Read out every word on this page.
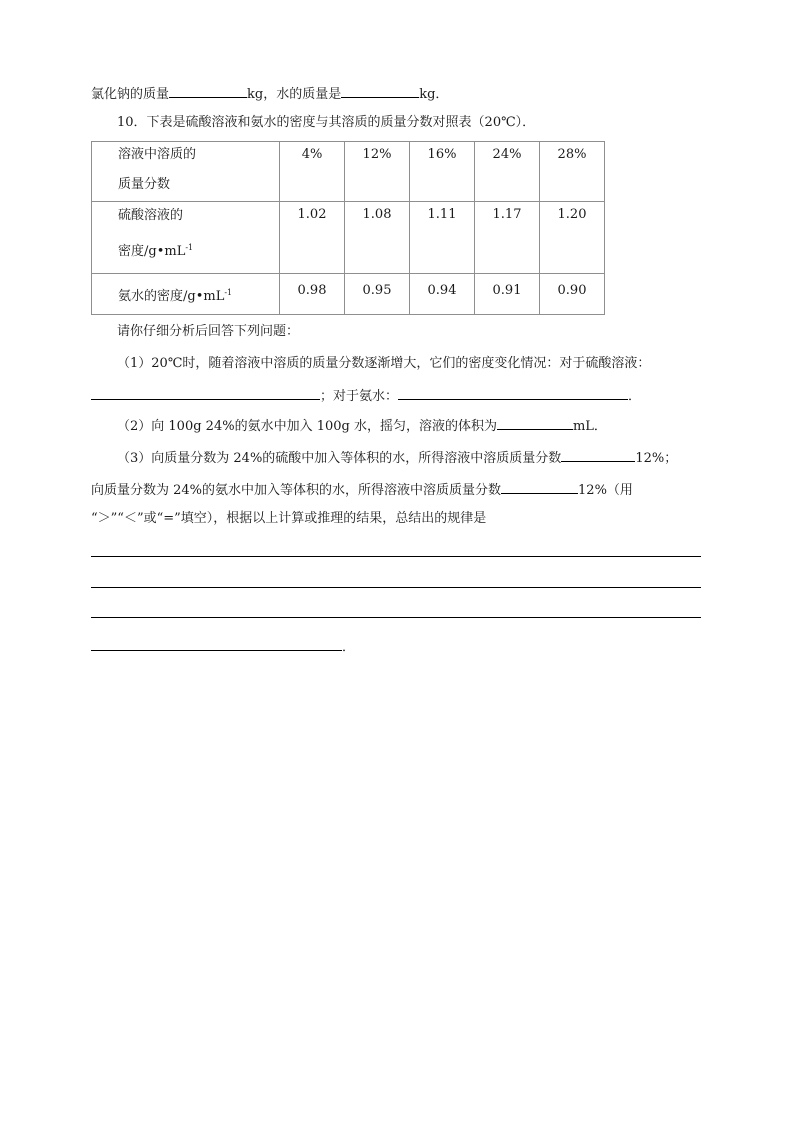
氯化钠的质量	kg，水的质量是	kg．
10．下表是硫酸溶液和氨水的密度与其溶质的质量分数对照表（20℃）．
溶液中溶质的
质量分数	4%	12%	16%	24%	28%

硫酸溶液的
密度$/g•mL^{-1}$	1.02	1.08	1.11	1.17	1.20
氨水的密度$/g•mL^{-1}$	0.98	0.95	0.94	0.91	0.90
请你仔细分析后回答下列问题：
（1）20℃时，随着溶液中溶质的质量分数逐渐增大，它们的密度变化情况：对于硫酸溶液：
；对于氨水：	．
（2）向 100g 24%的氨水中加入 100g 水，摇匀，溶液的体积为	mL．
（3）向质量分数为 24%的硫酸中加入等体积的水，所得溶液中溶质质量分数	12%；
向质量分数为 24%的氨水中加入等体积的水，所得溶液中溶质质量分数	12%（用
“＞”“＜”或“=”填空），根据以上计算或推理的结果，总结出的规律是
．
